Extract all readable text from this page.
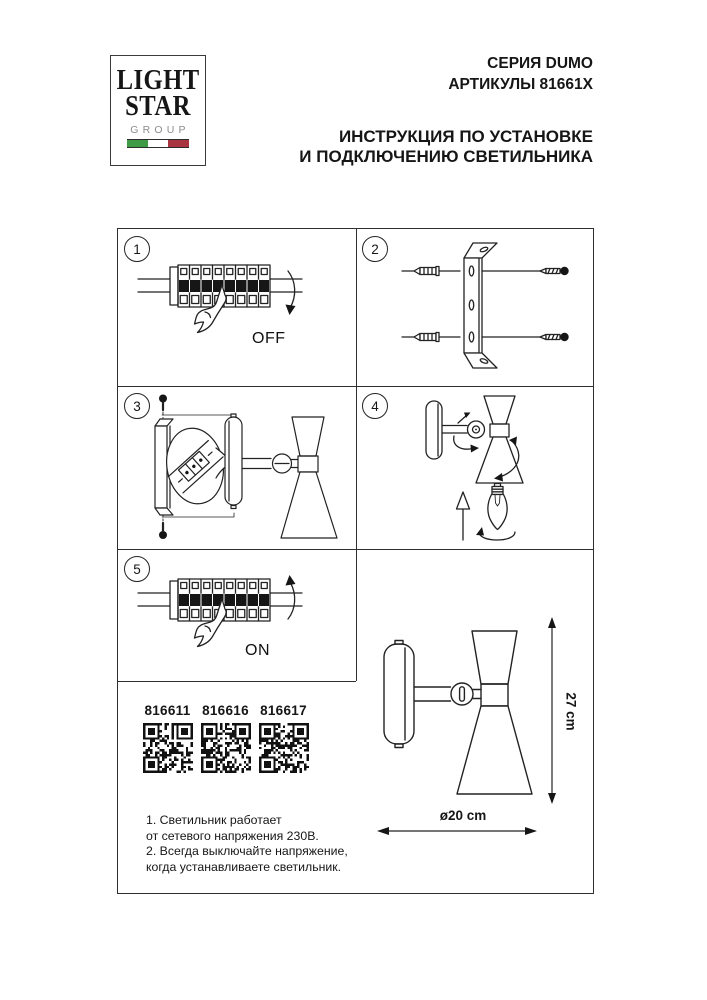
LIGHT
STAR
GROUP
СЕРИЯ DUMO
АРТИКУЛЫ 81661X
ИНСТРУКЦИЯ ПО УСТАНОВКЕ
И ПОДКЛЮЧЕНИЮ СВЕТИЛЬНИКА
1
OFF
2
3	4
5
ON
27 cm
ø20 cm
816611 816616 816617
1. Светильник работает
от сетевого напряжения 230В.
2. Всегда выключайте напряжение,
когда устанавливаете светильник.
